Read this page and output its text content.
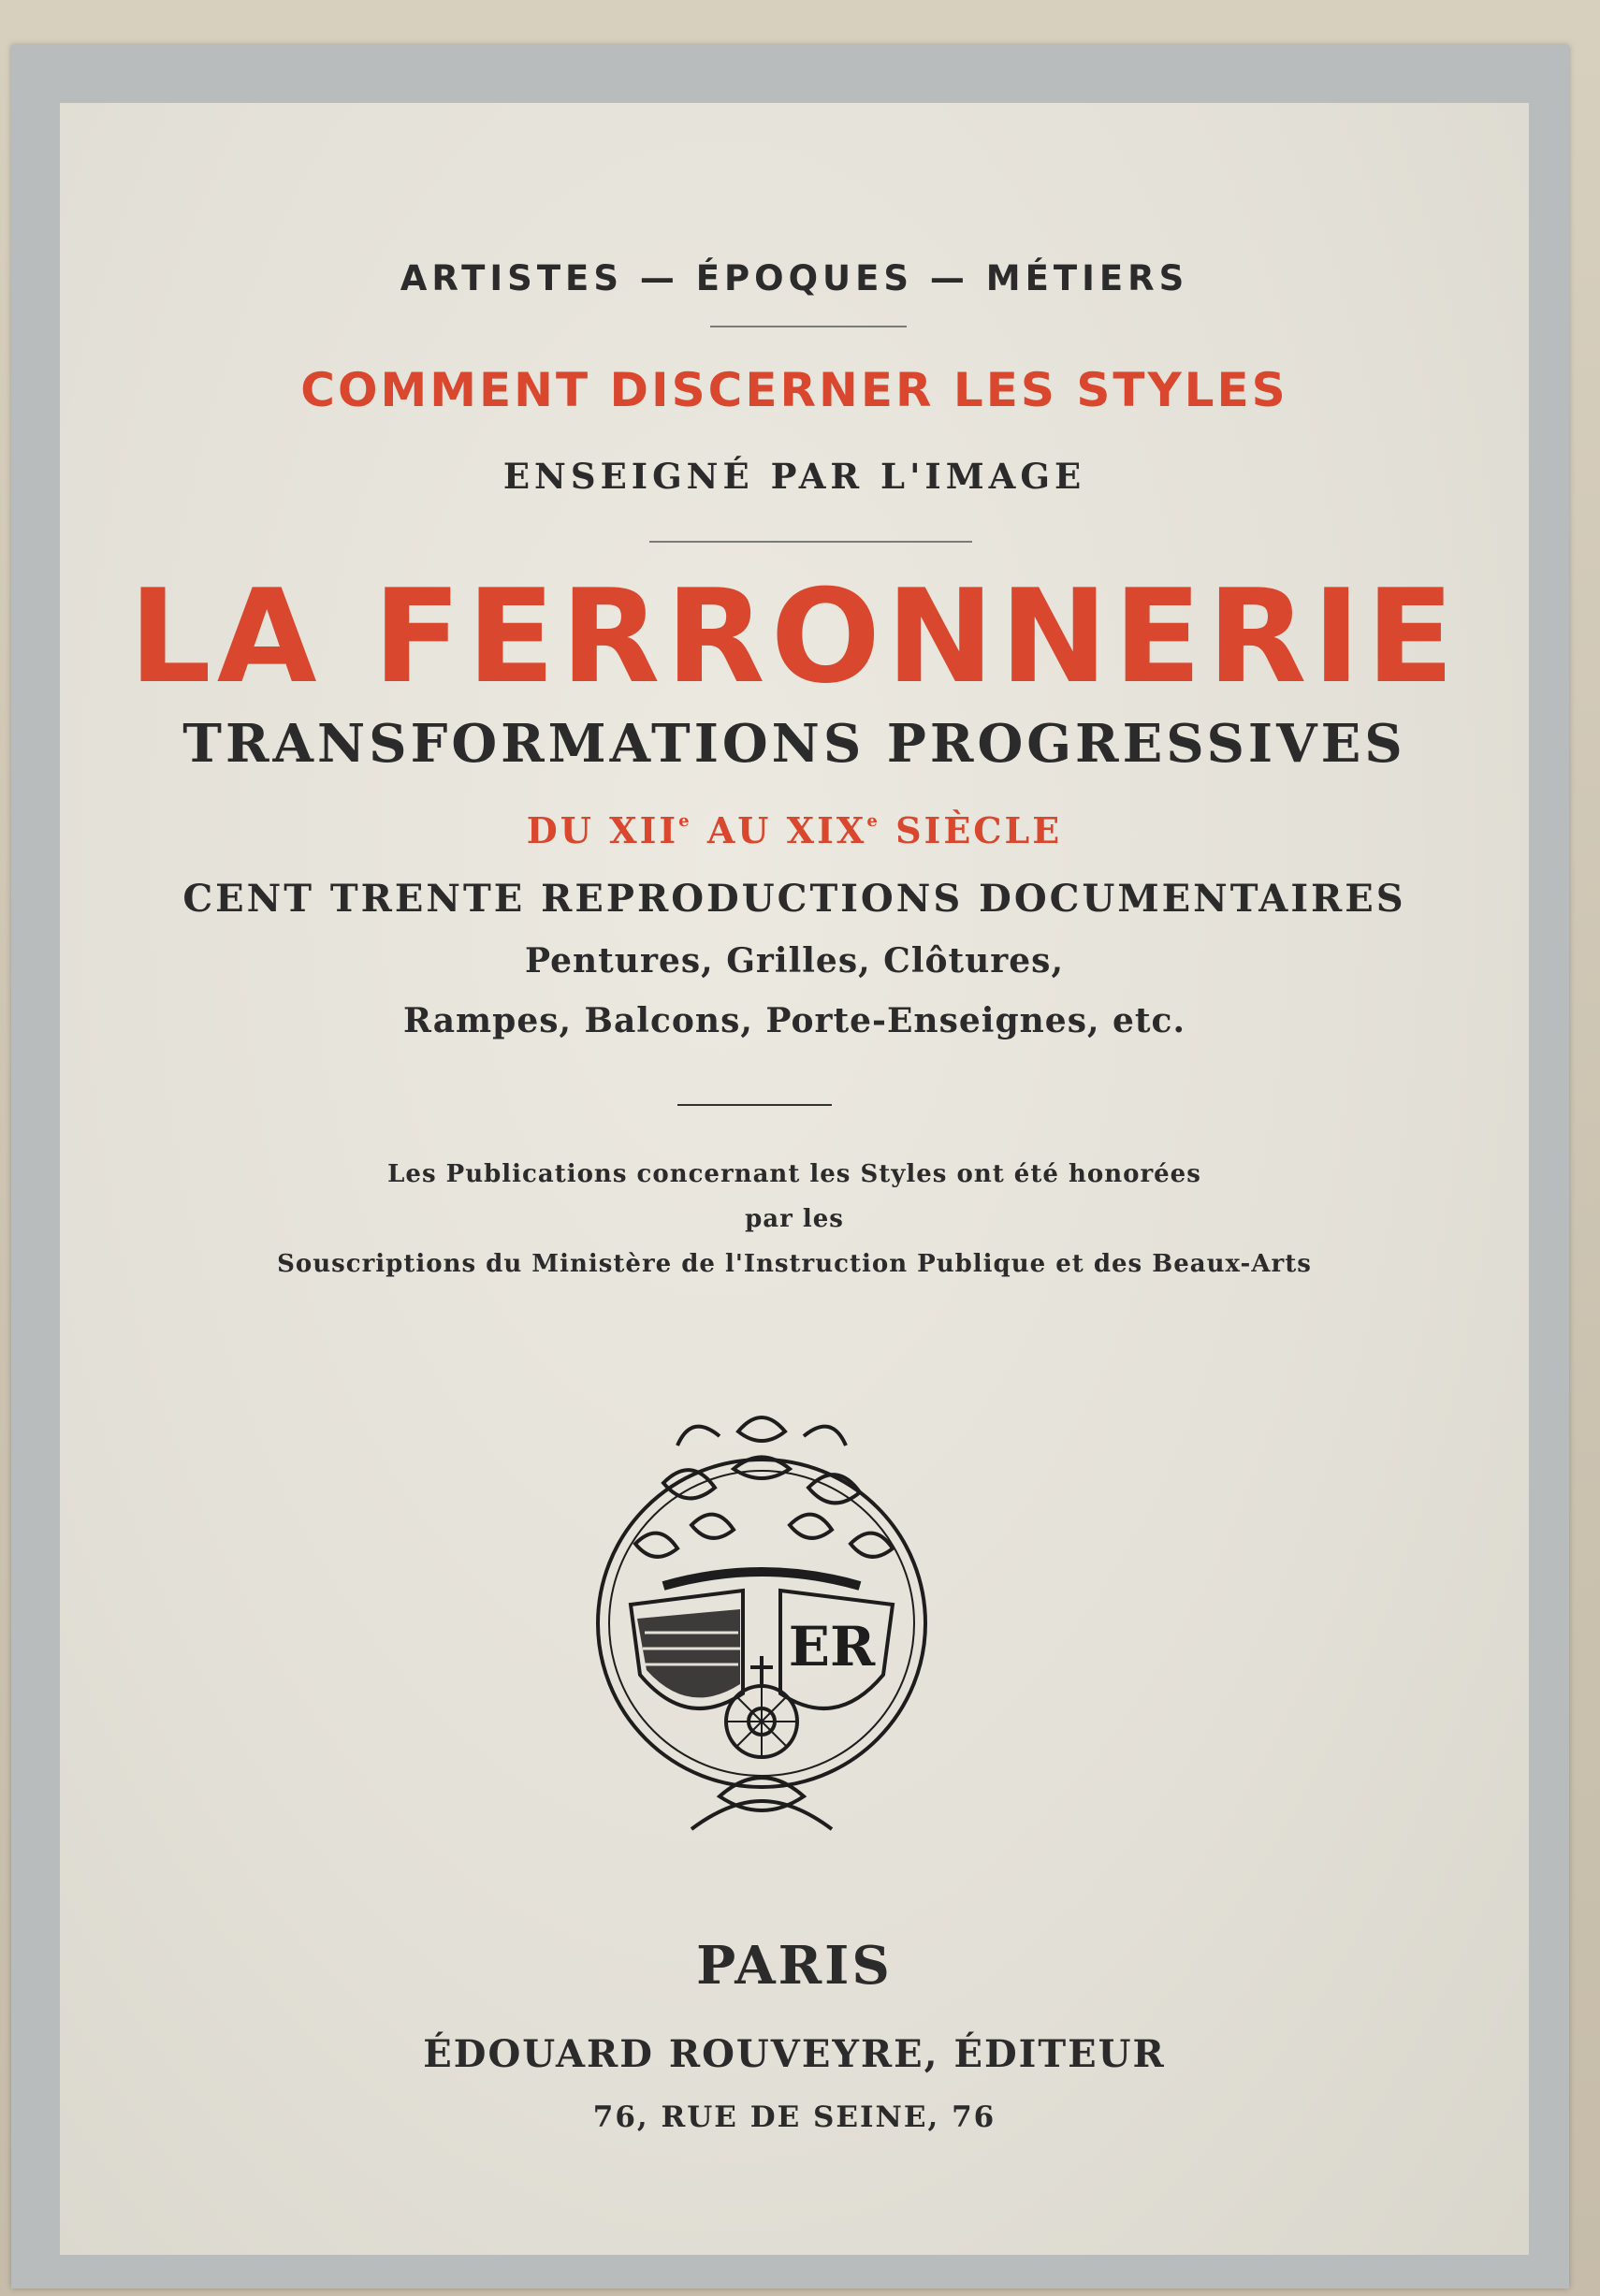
ARTISTES — ÉPOQUES — MÉTIERS

COMMENT DISCERNER LES STYLES

ENSEIGNÉ PAR L'IMAGE

LA FERRONNERIE

TRANSFORMATIONS PROGRESSIVES

DU XIIe AU XIXe SIÈCLE

CENT TRENTE REPRODUCTIONS DOCUMENTAIRES

Pentures, Grilles, Clôtures,

Rampes, Balcons, Porte-Enseignes, etc.

Les Publications concernant les Styles ont été honorées

par les

Souscriptions du Ministère de l'Instruction Publique et des Beaux-Arts

ER

PARIS

ÉDOUARD ROUVEYRE, ÉDITEUR

76, RUE DE SEINE, 76
